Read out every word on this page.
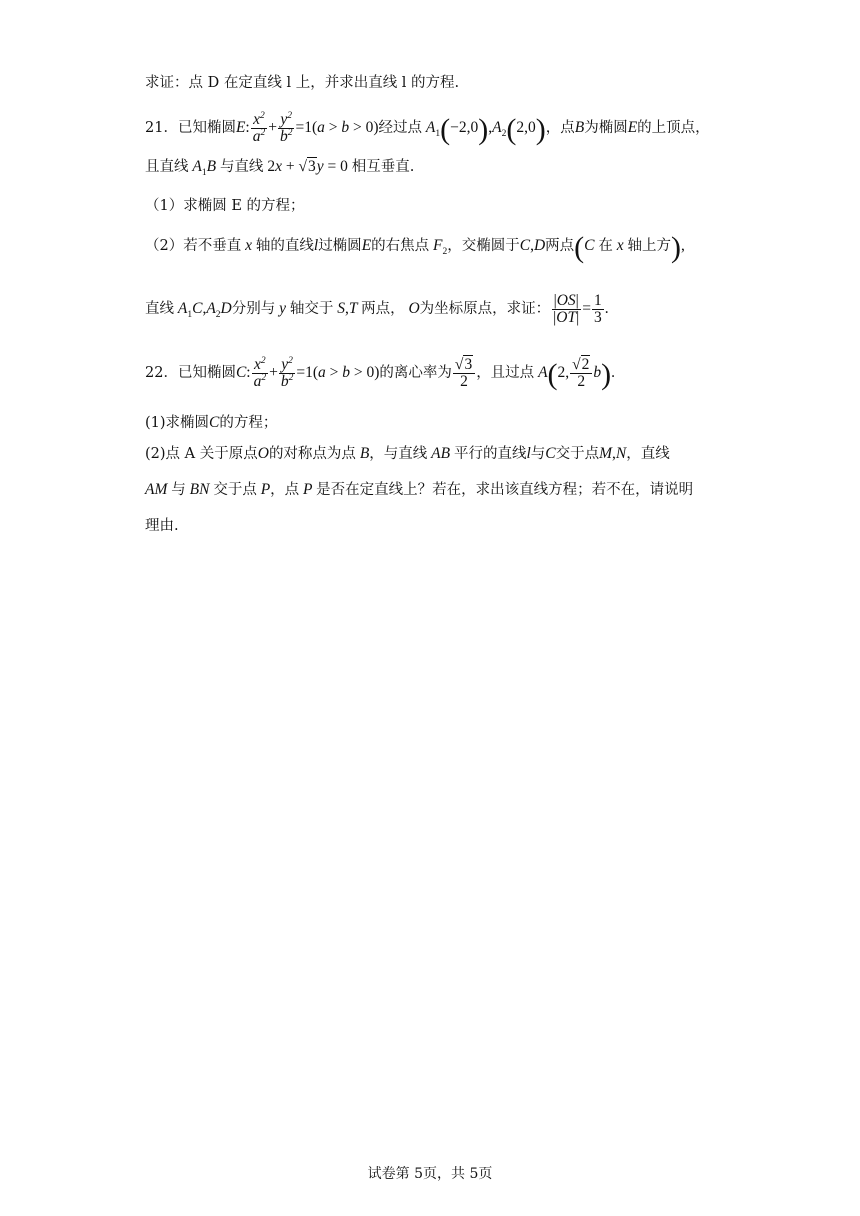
求证：点 D 在定直线 l 上，并求出直线 l 的方程.
21．已知椭圆E: $\frac{x^2}{a^2} + \frac{y^2}{b^2} =1(a > b > 0)$经过点 $A_1(-2,0),A_2(2,0)$，点B为椭圆E的上顶点，
且直线 $A_1B$ 与直线 2x + √3y = 0 相互垂直.
（1）求椭圆 E 的方程；
（2）若不垂直 x 轴的直线l过椭圆E的右焦点 $F_2$，交椭圆于C,D两点(C 在 x 轴上方),
直线 $A_1C,A_2D$分别与 y 轴交于 S,T 两点， O为坐标原点，求证： $\frac{|OS|}{|OT|} = \frac{1}{3}$ .
22．已知椭圆C: $\frac{x^2}{a^2} + \frac{y^2}{b^2} =1(a > b > 0)$的离心率为 $\frac{√3}{2}$ ，且过点 A(2, $\frac{√2}{2} b$).
(1)求椭圆C的方程；
(2)点 A 关于原点O的对称点为点 B，与直线 AB 平行的直线l与C交于点M,N，直线
AM 与 BN 交于点 P，点 P 是否在定直线上？若在，求出该直线方程；若不在，请说明
理由.
试卷第 5页，共 5页
